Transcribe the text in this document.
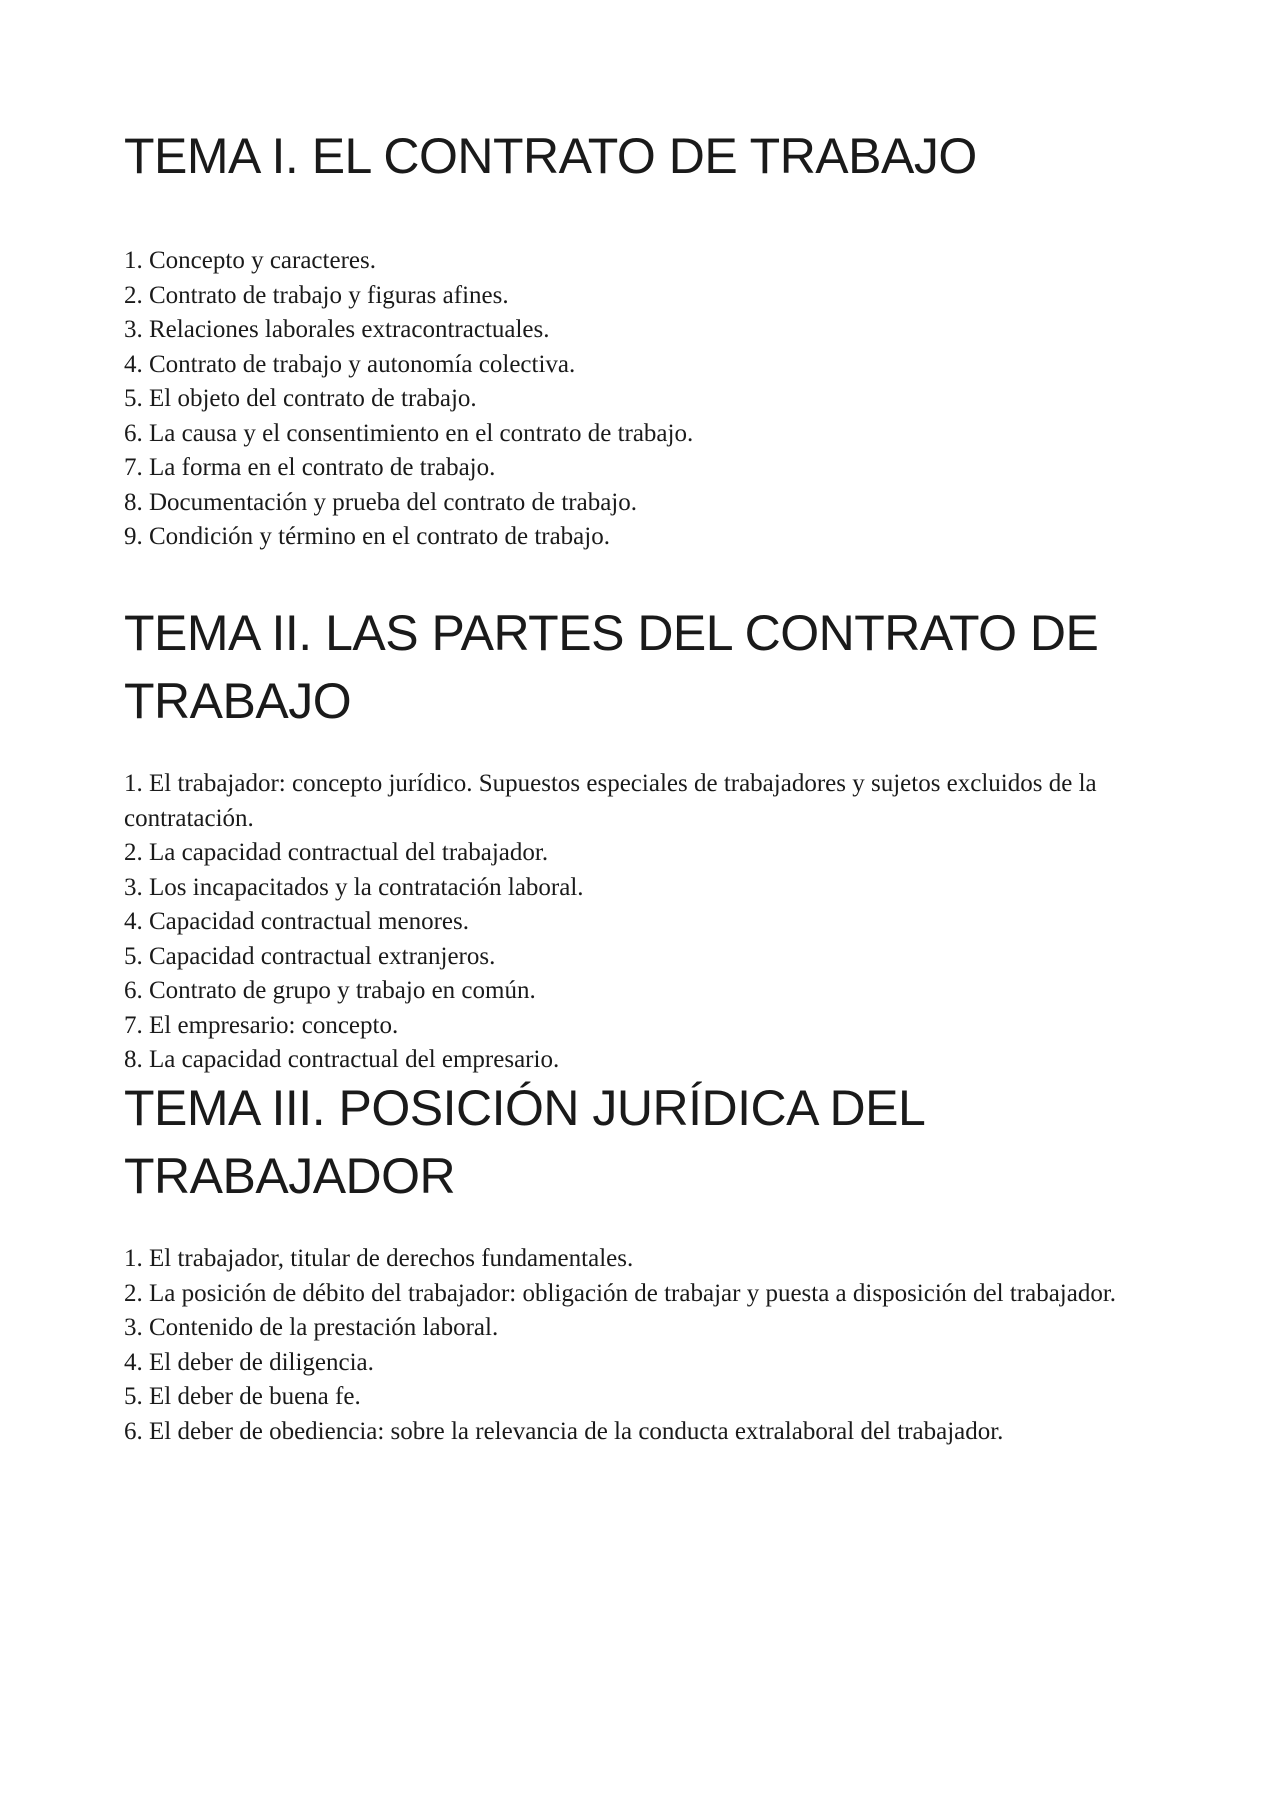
TEMA I. EL CONTRATO DE TRABAJO
1. Concepto y caracteres.
2. Contrato de trabajo y figuras afines.
3. Relaciones laborales extracontractuales.
4. Contrato de trabajo y autonomía colectiva.
5. El objeto del contrato de trabajo.
6. La causa y el consentimiento en el contrato de trabajo.
7. La forma en el contrato de trabajo.
8. Documentación y prueba del contrato de trabajo.
9. Condición y término en el contrato de trabajo.
TEMA II. LAS PARTES DEL CONTRATO DE TRABAJO
1. El trabajador: concepto jurídico. Supuestos especiales de trabajadores y sujetos excluidos de la contratación.
2. La capacidad contractual del trabajador.
3. Los incapacitados y la contratación laboral.
4. Capacidad contractual menores.
5. Capacidad contractual extranjeros.
6. Contrato de grupo y trabajo en común.
7. El empresario: concepto.
8. La capacidad contractual del empresario.
TEMA III. POSICIÓN JURÍDICA DEL TRABAJADOR
1. El trabajador, titular de derechos fundamentales.
2. La posición de débito del trabajador: obligación de trabajar y puesta a disposición del trabajador.
3. Contenido de la prestación laboral.
4. El deber de diligencia.
5. El deber de buena fe.
6. El deber de obediencia: sobre la relevancia de la conducta extralaboral del trabajador.
